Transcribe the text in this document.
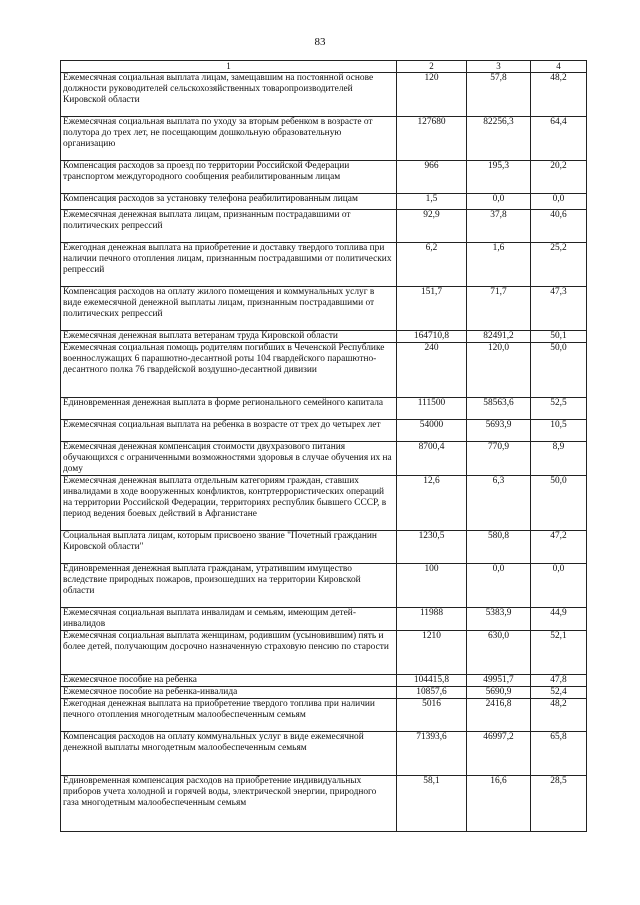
83
1	2	3	4
Ежемесячная социальная выплата лицам, замещавшим на постоянной основе должности руководителей сельскохозяйственных товаропроизводителей Кировской области	120	57,8	48,2
Ежемесячная социальная выплата по уходу за вторым ребенком в возрасте от полутора до трех лет, не посещающим дошкольную образовательную организацию	127680	82256,3	64,4
Компенсация расходов за проезд по территории Российской Федерации транспортом междугородного сообщения реабилитированным лицам	966	195,3	20,2
Компенсация расходов за установку телефона реабилитированным лицам	1,5	0,0	0,0
Ежемесячная денежная выплата лицам, признанным пострадавшими от политических репрессий	92,9	37,8	40,6
Ежегодная денежная выплата на приобретение и доставку твердого топлива при наличии печного отопления лицам, признанным пострадавшими от политических репрессий	6,2	1,6	25,2
Компенсация расходов на оплату жилого помещения и коммунальных услуг в виде ежемесячной денежной выплаты лицам, признанным пострадавшими от политических репрессий	151,7	71,7	47,3
Ежемесячная денежная выплата ветеранам труда Кировской области	164710,8	82491,2	50,1
Ежемесячная социальная помощь родителям погибших в Чеченской Республике военнослужащих 6 парашютно-десантной роты 104 гвардейского парашютно-десантного полка 76 гвардейской воздушно-десантной дивизии	240	120,0	50,0
Единовременная денежная выплата в форме регионального семейного капитала	111500	58563,6	52,5
Ежемесячная социальная выплата на ребенка в возрасте от трех до четырех лет	54000	5693,9	10,5
Ежемесячная денежная компенсация стоимости двухразового питания обучающихся с ограниченными возможностями здоровья в случае обучения их на дому	8700,4	770,9	8,9
Ежемесячная денежная выплата отдельным категориям граждан, ставших инвалидами в ходе вооруженных конфликтов, контртеррористических операций на территории Российской Федерации, территориях республик бывшего СССР, в период ведения боевых действий в Афганистане	12,6	6,3	50,0
Социальная выплата лицам, которым присвоено звание "Почетный гражданин Кировской области"	1230,5	580,8	47,2
Единовременная денежная выплата гражданам, утратившим имущество вследствие природных пожаров, произошедших на территории Кировской области	100	0,0	0,0
Ежемесячная социальная выплата инвалидам и семьям, имеющим детей-инвалидов	11988	5383,9	44,9
Ежемесячная социальная выплата женщинам, родившим (усыновившим) пять и более детей, получающим досрочно назначенную страховую пенсию по старости	1210	630,0	52,1
Ежемесячное пособие на ребенка	104415,8	49951,7	47,8
Ежемесячное пособие на ребенка-инвалида	10857,6	5690,9	52,4
Ежегодная денежная выплата на приобретение твердого топлива при наличии печного отопления многодетным малообеспеченным семьям	5016	2416,8	48,2
Компенсация расходов на оплату коммунальных услуг в виде ежемесячной денежной выплаты многодетным малообеспеченным семьям	71393,6	46997,2	65,8
Единовременная компенсация расходов на приобретение индивидуальных приборов учета холодной и горячей воды, электрической энергии, природного газа многодетным малообеспеченным семьям	58,1	16,6	28,5
